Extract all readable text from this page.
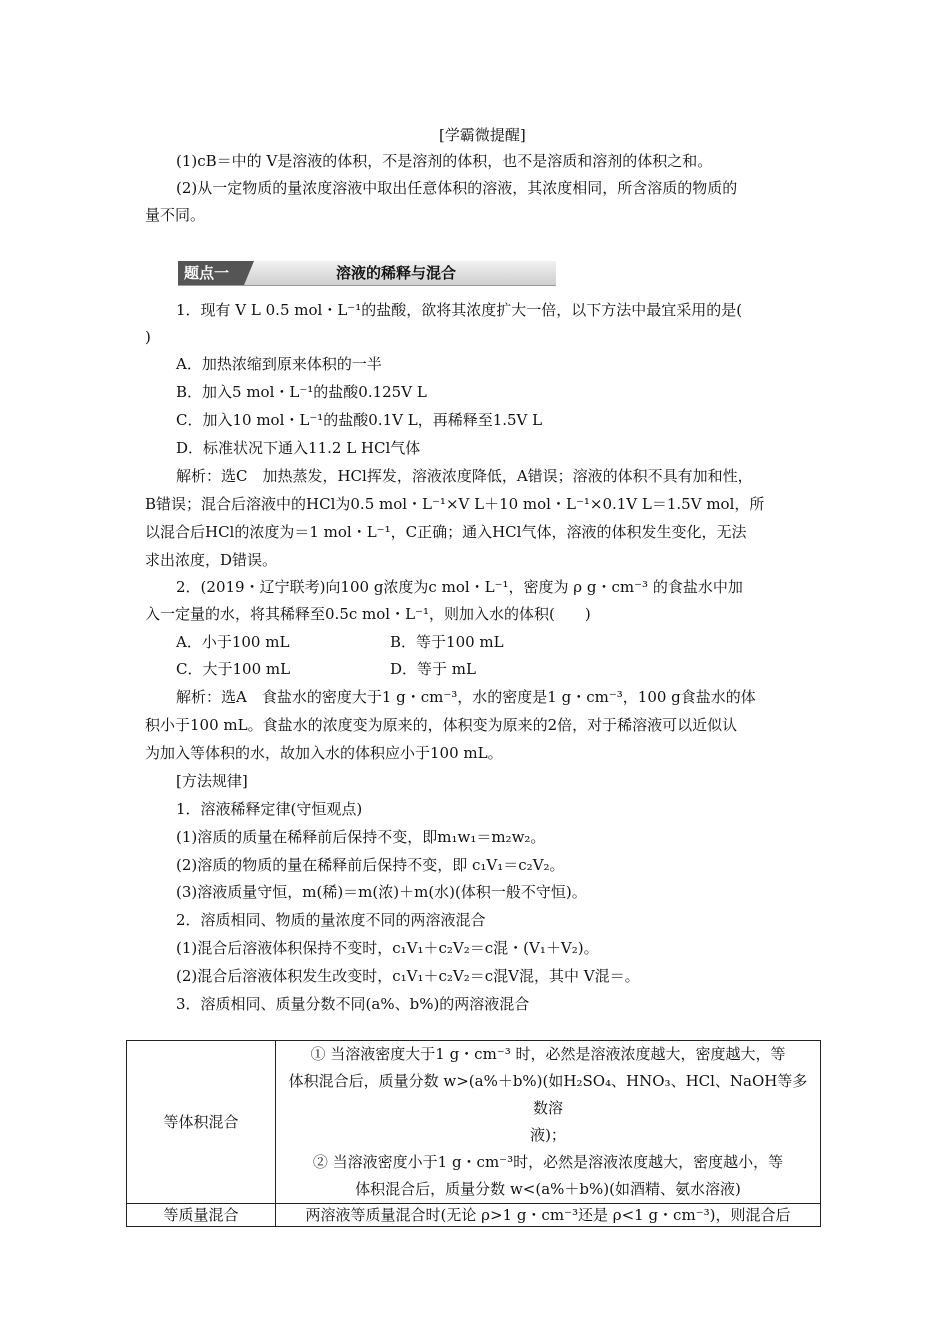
[学霸微提醒]
(1)cB＝中的 V是溶液的体积，不是溶剂的体积，也不是溶质和溶剂的体积之和。
(2)从一定物质的量浓度溶液中取出任意体积的溶液，其浓度相同，所含溶质的物质的
量不同。
题点一	溶液的稀释与混合
1．现有 V L 0.5 mol・L⁻¹的盐酸，欲将其浓度扩大一倍，以下方法中最宜采用的是(
)
A．加热浓缩到原来体积的一半
B．加入5 mol・L⁻¹的盐酸0.125V L
C．加入10 mol・L⁻¹的盐酸0.1V L，再稀释至1.5V L
D．标准状况下通入11.2 L HCl气体
解析：选C　加热蒸发，HCl挥发，溶液浓度降低，A错误；溶液的体积不具有加和性，
B错误；混合后溶液中的HCl为0.5 mol・L⁻¹×V L＋10 mol・L⁻¹×0.1V L＝1.5V mol，所
以混合后HCl的浓度为＝1 mol・L⁻¹，C正确；通入HCl气体，溶液的体积发生变化，无法
求出浓度，D错误。
2．(2019・辽宁联考)向100 g浓度为c mol・L⁻¹，密度为 ρ g・cm⁻³ 的食盐水中加
入一定量的水，将其稀释至0.5c mol・L⁻¹，则加入水的体积(　　)
A．小于100 mL	B．等于100 mL
C．大于100 mL	D．等于 mL
解析：选A　食盐水的密度大于1 g・cm⁻³，水的密度是1 g・cm⁻³，100 g食盐水的体
积小于100 mL。食盐水的浓度变为原来的，体积变为原来的2倍，对于稀溶液可以近似认
为加入等体积的水，故加入水的体积应小于100 mL。
[方法规律]
1．溶液稀释定律(守恒观点)
(1)溶质的质量在稀释前后保持不变，即m₁w₁＝m₂w₂。
(2)溶质的物质的量在稀释前后保持不变，即 c₁V₁＝c₂V₂。
(3)溶液质量守恒，m(稀)＝m(浓)＋m(水)(体积一般不守恒)。
2．溶质相同、物质的量浓度不同的两溶液混合
(1)混合后溶液体积保持不变时，c₁V₁＋c₂V₂＝c混・(V₁＋V₂)。
(2)混合后溶液体积发生改变时，c₁V₁＋c₂V₂＝c混V混，其中 V混＝。
3．溶质相同、质量分数不同(a%、b%)的两溶液混合
等体积混合	① 当溶液密度大于1 g・cm⁻³ 时，必然是溶液浓度越大，密度越大，等
体积混合后，质量分数 w>(a%＋b%)(如H₂SO₄、HNO₃、HCl、NaOH等多数溶
液)；
② 当溶液密度小于1 g・cm⁻³时，必然是溶液浓度越大，密度越小，等
体积混合后，质量分数 w<(a%＋b%)(如酒精、氨水溶液)

等质量混合	两溶液等质量混合时(无论 ρ>1 g・cm⁻³还是 ρ<1 g・cm⁻³)，则混合后
